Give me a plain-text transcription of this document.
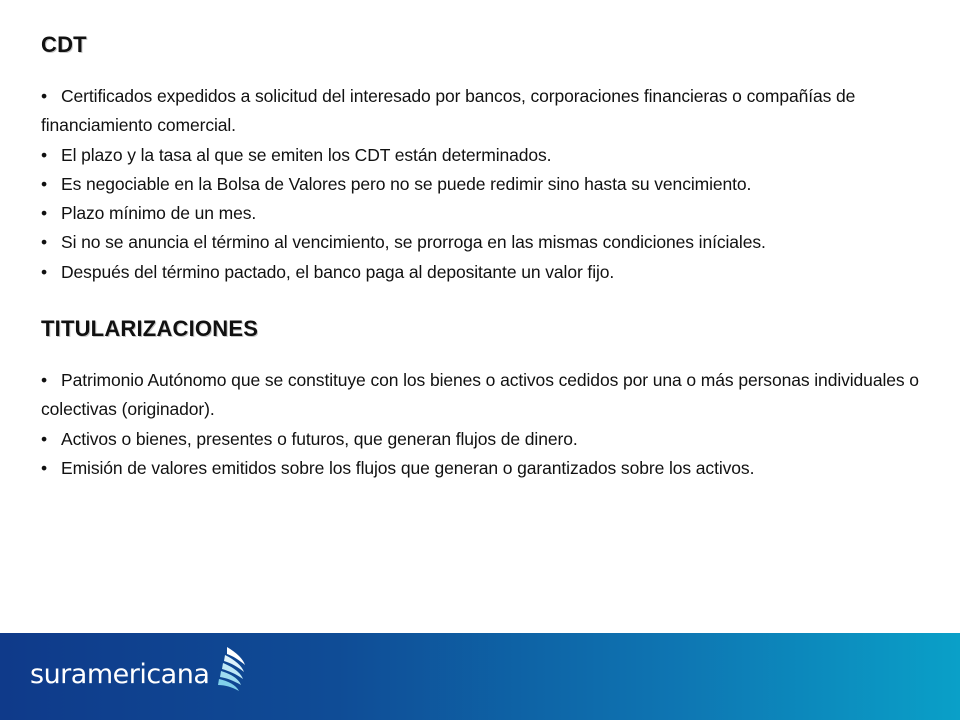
CDT
• Certificados expedidos a solicitud del interesado por bancos, corporaciones financieras o compañías de financiamiento comercial.
• El plazo y la tasa al que se emiten los CDT están determinados.
• Es negociable en la Bolsa de Valores pero no se puede redimir sino hasta su vencimiento.
• Plazo mínimo de un mes.
• Si no se anuncia el término al vencimiento, se prorroga en las mismas condiciones iníciales.
• Después del término pactado, el banco paga al depositante un valor fijo.
TITULARIZACIONES
• Patrimonio Autónomo que se constituye con los bienes o activos cedidos por una o más personas individuales o colectivas (originador).
• Activos o bienes, presentes o futuros, que generan flujos de dinero.
• Emisión de valores emitidos sobre los flujos que generan o garantizados sobre los activos.
suramericana
